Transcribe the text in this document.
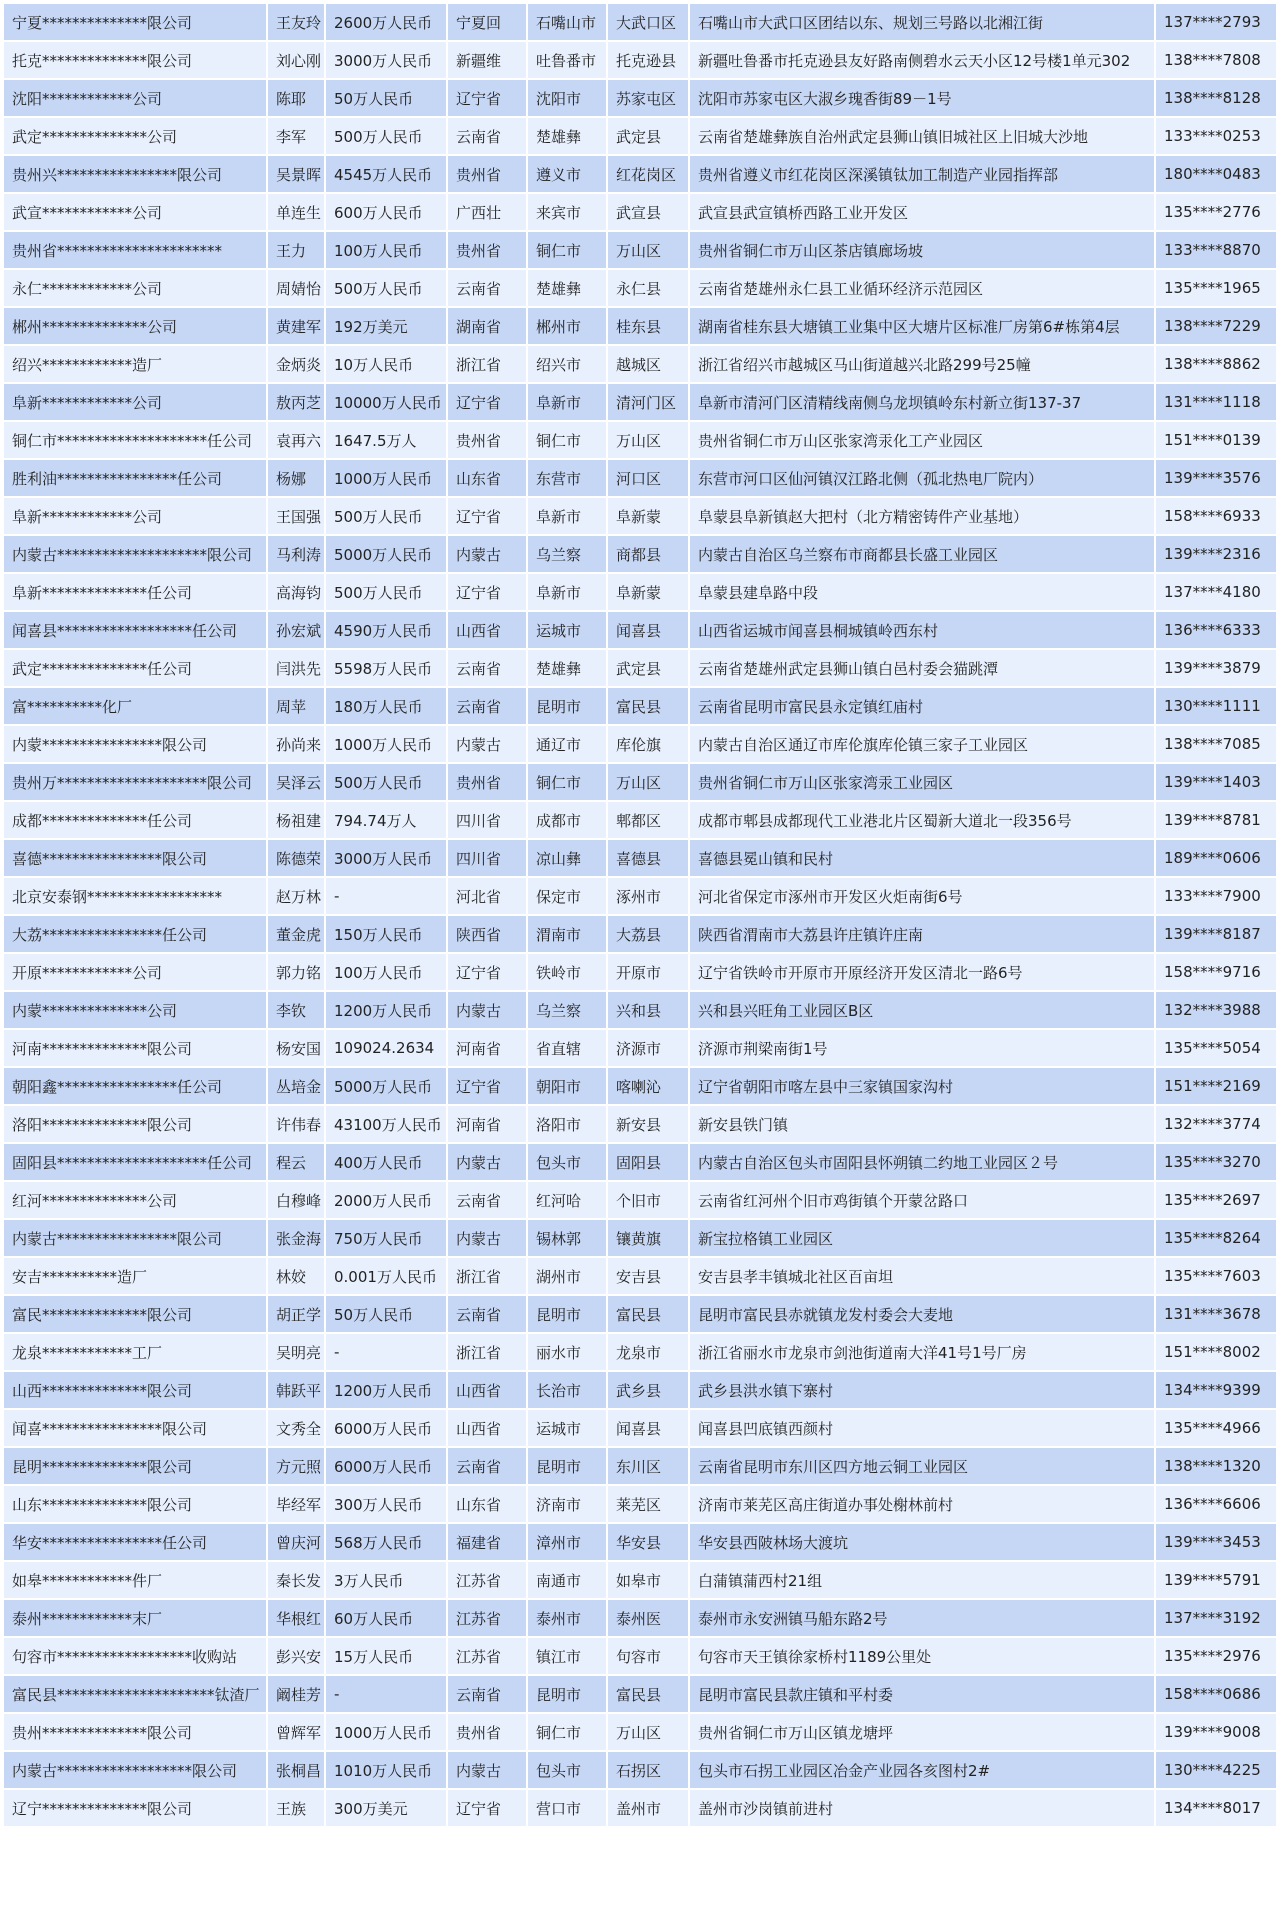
宁夏**************限公司	王友玲	2600万人民币	宁夏回	石嘴山市	大武口区	石嘴山市大武口区团结以东、规划三号路以北湘江街	137****2793
托克**************限公司	刘心刚	3000万人民币	新疆维	吐鲁番市	托克逊县	新疆吐鲁番市托克逊县友好路南侧碧水云天小区12号楼1单元302	138****7808
沈阳************公司	陈耶	50万人民币	辽宁省	沈阳市	苏家屯区	沈阳市苏家屯区大淑乡瑰香街89－1号	138****8128
武定**************公司	李军	500万人民币	云南省	楚雄彝	武定县	云南省楚雄彝族自治州武定县狮山镇旧城社区上旧城大沙地	133****0253
贵州兴****************限公司	吴景晖	4545万人民币	贵州省	遵义市	红花岗区	贵州省遵义市红花岗区深溪镇钛加工制造产业园指挥部	180****0483
武宣************公司	单连生	600万人民币	广西壮	来宾市	武宣县	武宣县武宣镇桥西路工业开发区	135****2776
贵州省**********************	王力	100万人民币	贵州省	铜仁市	万山区	贵州省铜仁市万山区茶店镇廊场坡	133****8870
永仁************公司	周婧怡	500万人民币	云南省	楚雄彝	永仁县	云南省楚雄州永仁县工业循环经济示范园区	135****1965
郴州**************公司	黄建军	192万美元	湖南省	郴州市	桂东县	湖南省桂东县大塘镇工业集中区大塘片区标准厂房第6#栋第4层	138****7229
绍兴************造厂	金炳炎	10万人民币	浙江省	绍兴市	越城区	浙江省绍兴市越城区马山街道越兴北路299号25幢	138****8862
阜新************公司	敖丙芝	10000万人民币	辽宁省	阜新市	清河门区	阜新市清河门区清精线南侧乌龙坝镇岭东村新立街137-37	131****1118
铜仁市********************任公司	袁再六	1647.5万人	贵州省	铜仁市	万山区	贵州省铜仁市万山区张家湾汞化工产业园区	151****0139
胜利油****************任公司	杨娜	1000万人民币	山东省	东营市	河口区	东营市河口区仙河镇汉江路北侧（孤北热电厂院内）	139****3576
阜新************公司	王国强	500万人民币	辽宁省	阜新市	阜新蒙	阜蒙县阜新镇赵大把村（北方精密铸件产业基地）	158****6933
内蒙古********************限公司	马利涛	5000万人民币	内蒙古	乌兰察	商都县	内蒙古自治区乌兰察布市商都县长盛工业园区	139****2316
阜新**************任公司	高海钧	500万人民币	辽宁省	阜新市	阜新蒙	阜蒙县建阜路中段	137****4180
闻喜县******************任公司	孙宏斌	4590万人民币	山西省	运城市	闻喜县	山西省运城市闻喜县桐城镇岭西东村	136****6333
武定**************任公司	闫洪先	5598万人民币	云南省	楚雄彝	武定县	云南省楚雄州武定县狮山镇白邑村委会猫跳潭	139****3879
富**********化厂	周苹	180万人民币	云南省	昆明市	富民县	云南省昆明市富民县永定镇红庙村	130****1111
内蒙****************限公司	孙尚来	1000万人民币	内蒙古	通辽市	库伦旗	内蒙古自治区通辽市库伦旗库伦镇三家子工业园区	138****7085
贵州万********************限公司	吴泽云	500万人民币	贵州省	铜仁市	万山区	贵州省铜仁市万山区张家湾汞工业园区	139****1403
成都**************任公司	杨祖建	794.74万人	四川省	成都市	郫都区	成都市郫县成都现代工业港北片区蜀新大道北一段356号	139****8781
喜德****************限公司	陈德荣	3000万人民币	四川省	凉山彝	喜德县	喜德县冕山镇和民村	189****0606
北京安泰钢******************	赵万林	-	河北省	保定市	涿州市	河北省保定市涿州市开发区火炬南街6号	133****7900
大荔****************任公司	董金虎	150万人民币	陕西省	渭南市	大荔县	陕西省渭南市大荔县许庄镇许庄南	139****8187
开原************公司	郭力铭	100万人民币	辽宁省	铁岭市	开原市	辽宁省铁岭市开原市开原经济开发区清北一路6号	158****9716
内蒙**************公司	李钦	1200万人民币	内蒙古	乌兰察	兴和县	兴和县兴旺角工业园区B区	132****3988
河南**************限公司	杨安国	109024.2634	河南省	省直辖	济源市	济源市荆梁南街1号	135****5054
朝阳鑫****************任公司	丛培金	5000万人民币	辽宁省	朝阳市	喀喇沁	辽宁省朝阳市喀左县中三家镇国家沟村	151****2169
洛阳**************限公司	许伟春	43100万人民币	河南省	洛阳市	新安县	新安县铁门镇	132****3774
固阳县********************任公司	程云	400万人民币	内蒙古	包头市	固阳县	内蒙古自治区包头市固阳县怀朔镇二约地工业园区２号	135****3270
红河**************公司	白穆峰	2000万人民币	云南省	红河哈	个旧市	云南省红河州个旧市鸡街镇个开蒙岔路口	135****2697
内蒙古****************限公司	张金海	750万人民币	内蒙古	锡林郭	镶黄旗	新宝拉格镇工业园区	135****8264
安吉**********造厂	林姣	0.001万人民币	浙江省	湖州市	安吉县	安吉县孝丰镇城北社区百亩坦	135****7603
富民**************限公司	胡正学	50万人民币	云南省	昆明市	富民县	昆明市富民县赤就镇龙发村委会大麦地	131****3678
龙泉************工厂	吴明亮	-	浙江省	丽水市	龙泉市	浙江省丽水市龙泉市剑池街道南大洋41号1号厂房	151****8002
山西**************限公司	韩跃平	1200万人民币	山西省	长治市	武乡县	武乡县洪水镇下寨村	134****9399
闻喜****************限公司	文秀全	6000万人民币	山西省	运城市	闻喜县	闻喜县凹底镇西颜村	135****4966
昆明**************限公司	方元照	6000万人民币	云南省	昆明市	东川区	云南省昆明市东川区四方地云铜工业园区	138****1320
山东**************限公司	毕经军	300万人民币	山东省	济南市	莱芜区	济南市莱芜区高庄街道办事处榭林前村	136****6606
华安****************任公司	曾庆河	568万人民币	福建省	漳州市	华安县	华安县西陂林场大渡坑	139****3453
如皋************件厂	秦长发	3万人民币	江苏省	南通市	如皋市	白蒲镇蒲西村21组	139****5791
泰州************末厂	华根红	60万人民币	江苏省	泰州市	泰州医	泰州市永安洲镇马船东路2号	137****3192
句容市******************收购站	彭兴安	15万人民币	江苏省	镇江市	句容市	句容市天王镇徐家桥村1189公里处	135****2976
富民县*********************钛渣厂	阚桂芳	-	云南省	昆明市	富民县	昆明市富民县款庄镇和平村委	158****0686
贵州**************限公司	曾辉军	1000万人民币	贵州省	铜仁市	万山区	贵州省铜仁市万山区镇龙塘坪	139****9008
内蒙古******************限公司	张桐昌	1010万人民币	内蒙古	包头市	石拐区	包头市石拐工业园区冶金产业园各亥图村2#	130****4225
辽宁**************限公司	王族	300万美元	辽宁省	营口市	盖州市	盖州市沙岗镇前进村	134****8017
